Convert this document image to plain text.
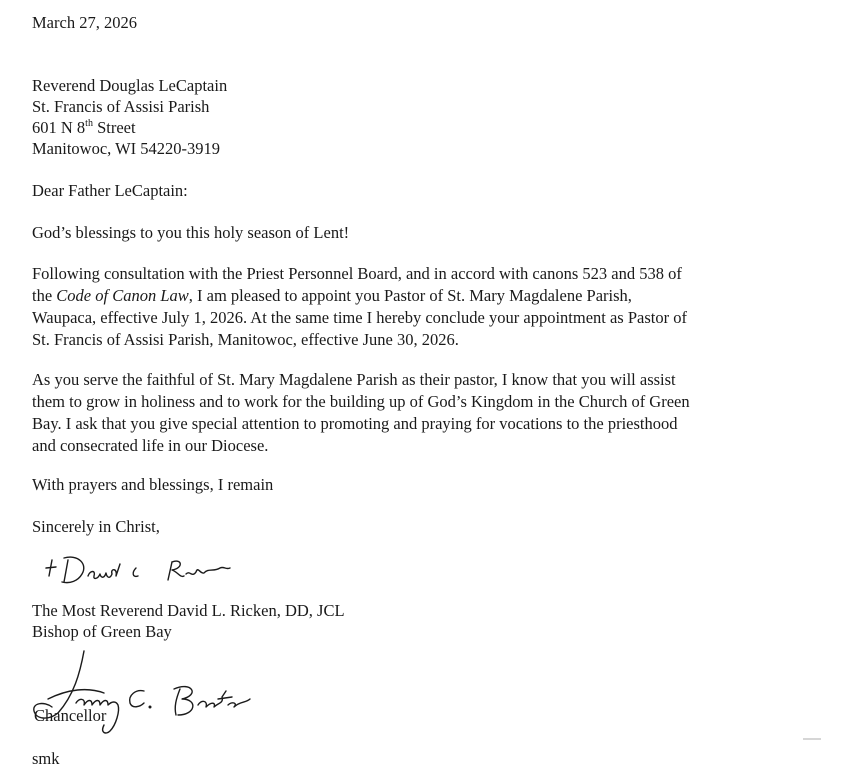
March 27, 2026
Reverend Douglas LeCaptain
St. Francis of Assisi Parish
601 N 8th Street
Manitowoc, WI 54220-3919
Dear Father LeCaptain:
God’s blessings to you this holy season of Lent!

Following consultation with the Priest Personnel Board, and in accord with canons 523 and 538 of

the Code of Canon Law, I am pleased to appoint you Pastor of St. Mary Magdalene Parish,

Waupaca, effective July 1, 2026. At the same time I hereby conclude your appointment as Pastor of

St. Francis of Assisi Parish, Manitowoc, effective June 30, 2026.

As you serve the faithful of St. Mary Magdalene Parish as their pastor, I know that you will assist

them to grow in holiness and to work for the building up of God’s Kingdom in the Church of Green

Bay. I ask that you give special attention to promoting and praying for vocations to the priesthood

and consecrated life in our Diocese.

With prayers and blessings, I remain
Sincerely in Christ,
The Most Reverend David L. Ricken, DD, JCL
Bishop of Green Bay
Chancellor
smk
